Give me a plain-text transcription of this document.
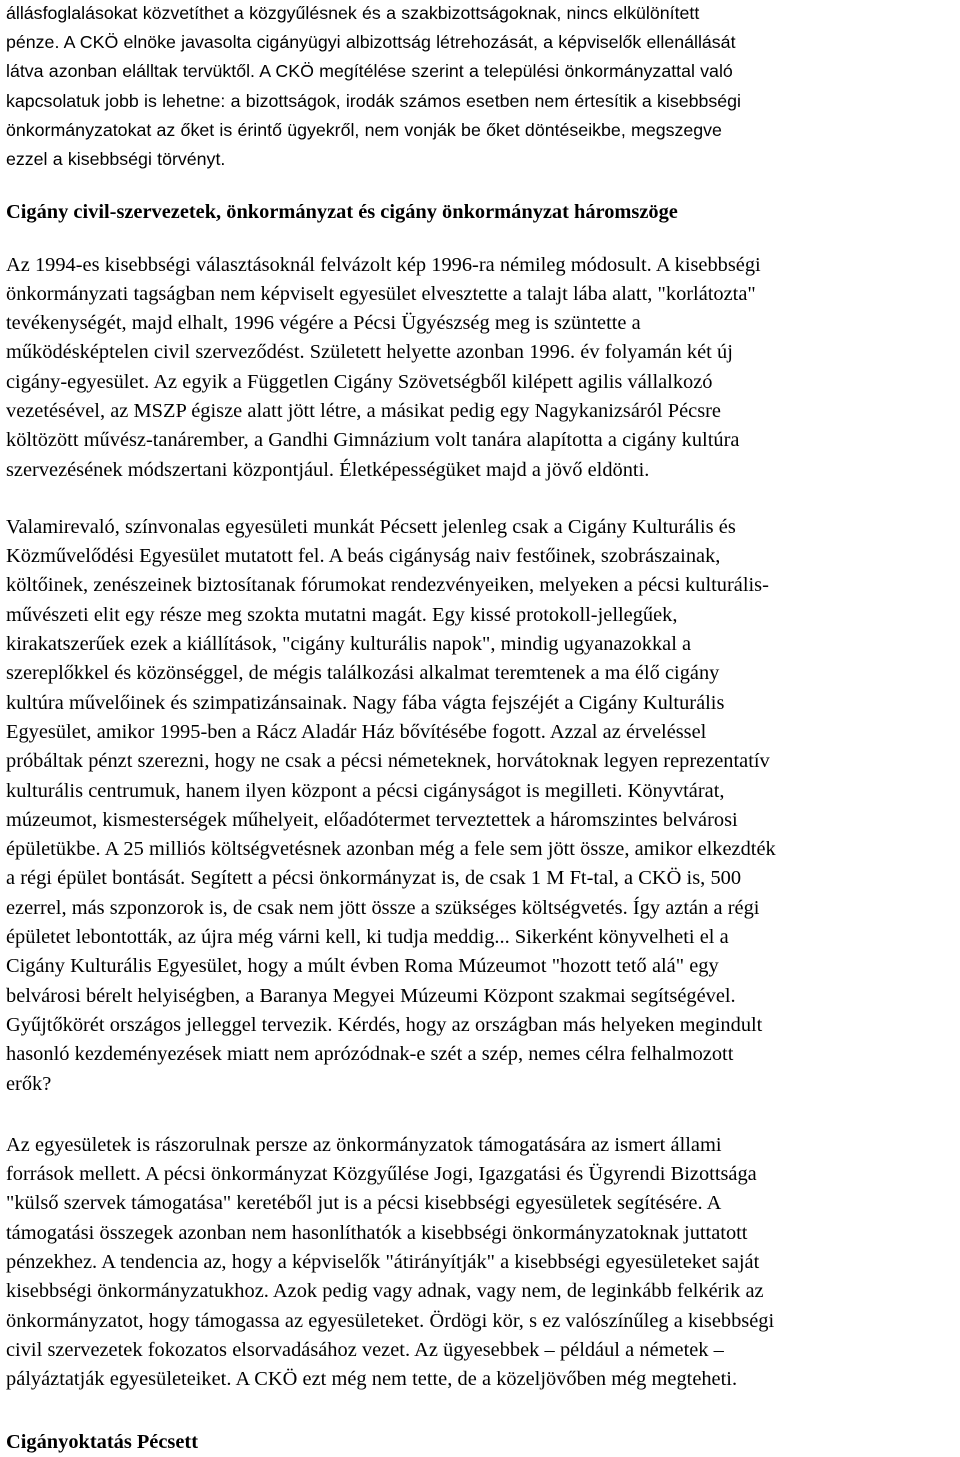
állásfoglalásokat közvetíthet a közgyűlésnek és a szakbizottságoknak, nincs elkülönített
pénze. A CKÖ elnöke javasolta cigányügyi albizottság létrehozását, a képviselők ellenállását
látva azonban elálltak tervüktől. A CKÖ megítélése szerint a települési önkormányzattal való
kapcsolatuk jobb is lehetne: a bizottságok, irodák számos esetben nem értesítik a kisebbségi
önkormányzatokat az őket is érintő ügyekről, nem vonják be őket döntéseikbe, megszegve
ezzel a kisebbségi törvényt.

Cigány civil-szervezetek, önkormányzat és cigány önkormányzat háromszöge

Az 1994-es kisebbségi választásoknál felvázolt kép 1996-ra némileg módosult. A kisebbségi
önkormányzati tagságban nem képviselt egyesület elvesztette a talajt lába alatt, "korlátozta"
tevékenységét, majd elhalt, 1996 végére a Pécsi Ügyészség meg is szüntette a
működésképtelen civil szerveződést. Született helyette azonban 1996. év folyamán két új
cigány-egyesület. Az egyik a Független Cigány Szövetségből kilépett agilis vállalkozó
vezetésével, az MSZP égisze alatt jött létre, a másikat pedig egy Nagykanizsáról Pécsre
költözött művész-tanárember, a Gandhi Gimnázium volt tanára alapította a cigány kultúra
szervezésének módszertani központjául. Életképességüket majd a jövő eldönti.

Valamirevaló, színvonalas egyesületi munkát Pécsett jelenleg csak a Cigány Kulturális és
Közművelődési Egyesület mutatott fel. A beás cigányság naiv festőinek, szobrászainak,
költőinek, zenészeinek biztosítanak fórumokat rendezvényeiken, melyeken a pécsi kulturális-
művészeti elit egy része meg szokta mutatni magát. Egy kissé protokoll-jellegűek,
kirakatszerűek ezek a kiállítások, "cigány kulturális napok", mindig ugyanazokkal a
szereplőkkel és közönséggel, de mégis találkozási alkalmat teremtenek a ma élő cigány
kultúra művelőinek és szimpatizánsainak. Nagy fába vágta fejszéjét a Cigány Kulturális
Egyesület, amikor 1995-ben a Rácz Aladár Ház bővítésébe fogott. Azzal az érveléssel
próbáltak pénzt szerezni, hogy ne csak a pécsi németeknek, horvátoknak legyen reprezentatív
kulturális centrumuk, hanem ilyen központ a pécsi cigányságot is megilleti. Könyvtárat,
múzeumot, kismesterségek műhelyeit, előadótermet terveztettek a háromszintes belvárosi
épületükbe. A 25 milliós költségvetésnek azonban még a fele sem jött össze, amikor elkezdték
a régi épület bontását. Segített a pécsi önkormányzat is, de csak 1 M Ft-tal, a CKÖ is, 500
ezerrel, más szponzorok is, de csak nem jött össze a szükséges költségvetés. Így aztán a régi
épületet lebontották, az újra még várni kell, ki tudja meddig... Sikerként könyvelheti el a
Cigány Kulturális Egyesület, hogy a múlt évben Roma Múzeumot "hozott tető alá" egy
belvárosi bérelt helyiségben, a Baranya Megyei Múzeumi Központ szakmai segítségével.
Gyűjtőkörét országos jelleggel tervezik. Kérdés, hogy az országban más helyeken megindult
hasonló kezdeményezések miatt nem aprózódnak-e szét a szép, nemes célra felhalmozott
erők?

Az egyesületek is rászorulnak persze az önkormányzatok támogatására az ismert állami
források mellett. A pécsi önkormányzat Közgyűlése Jogi, Igazgatási és Ügyrendi Bizottsága
"külső szervek támogatása" keretéből jut is a pécsi kisebbségi egyesületek segítésére. A
támogatási összegek azonban nem hasonlíthatók a kisebbségi önkormányzatoknak juttatott
pénzekhez. A tendencia az, hogy a képviselők "átirányítják" a kisebbségi egyesületeket saját
kisebbségi önkormányzatukhoz. Azok pedig vagy adnak, vagy nem, de leginkább felkérik az
önkormányzatot, hogy támogassa az egyesületeket. Ördögi kör, s ez valószínűleg a kisebbségi
civil szervezetek fokozatos elsorvadásához vezet. Az ügyesebbek – például a németek –
pályáztatják egyesületeiket. A CKÖ ezt még nem tette, de a közeljövőben még megteheti.

Cigányoktatás Pécsett
